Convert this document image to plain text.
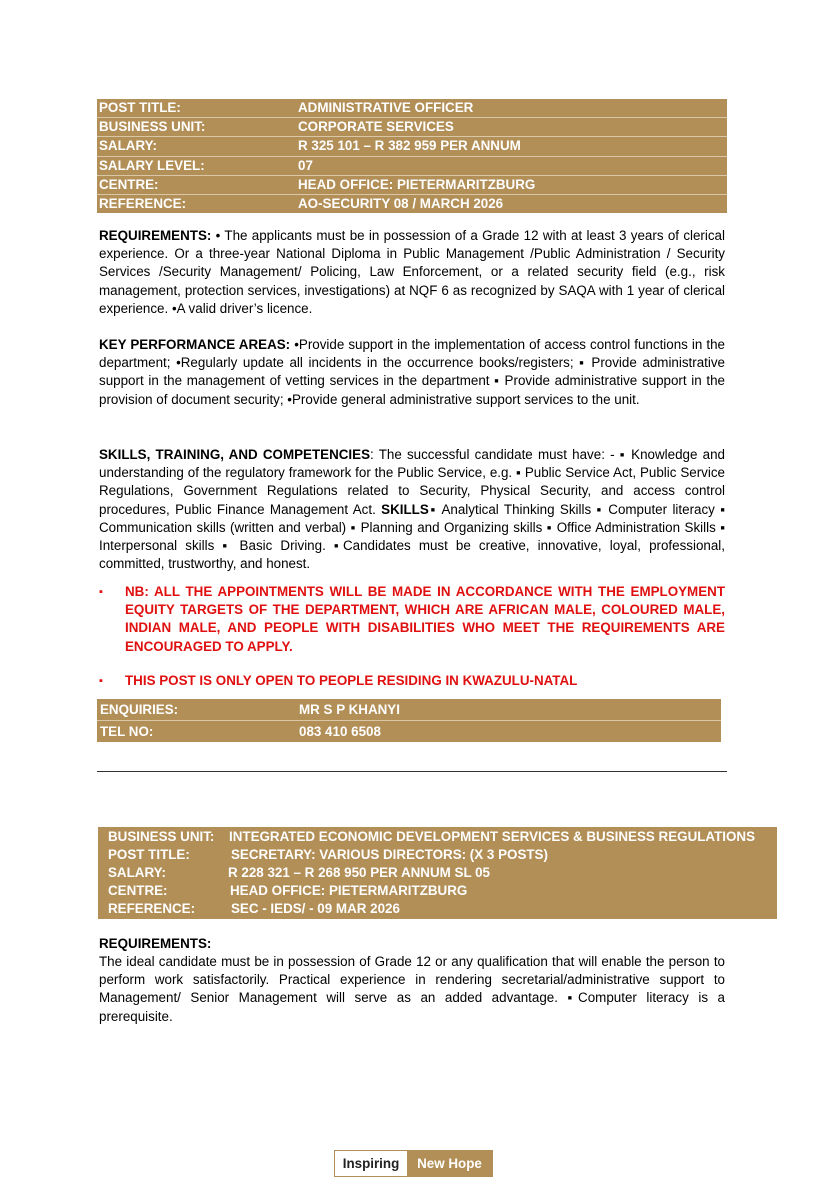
POST TITLE:	ADMINISTRATIVE OFFICER
BUSINESS UNIT:	CORPORATE SERVICES
SALARY:	R 325 101 – R 382 959 PER ANNUM
SALARY LEVEL:	07
CENTRE:	HEAD OFFICE: PIETERMARITZBURG
REFERENCE:	AO-SECURITY 08 / MARCH 2026
REQUIREMENTS: • The applicants must be in possession of a Grade 12 with at least 3 years of clerical experience. Or a three-year National Diploma in Public Management /Public Administration / Security Services /Security Management/ Policing, Law Enforcement, or a related security field (e.g., risk management, protection services, investigations) at NQF 6 as recognized by SAQA with 1 year of clerical experience. •A valid driver’s licence.
KEY PERFORMANCE AREAS: •Provide support in the implementation of access control functions in the department; •Regularly update all incidents in the occurrence books/registers; ▪ Provide administrative support in the management of vetting services in the department ▪ Provide administrative support in the provision of document security; •Provide general administrative support services to the unit.
SKILLS, TRAINING, AND COMPETENCIES: The successful candidate must have: - ▪ Knowledge and understanding of the regulatory framework for the Public Service, e.g. ▪ Public Service Act, Public Service Regulations, Government Regulations related to Security, Physical Security, and access control procedures, Public Finance Management Act. SKILLS▪ Analytical Thinking Skills ▪ Computer literacy ▪ Communication skills (written and verbal) ▪ Planning and Organizing skills ▪ Office Administration Skills ▪ Interpersonal skills ▪ Basic Driving. ▪Candidates must be creative, innovative, loyal, professional, committed, trustworthy, and honest.
▪ NB: ALL THE APPOINTMENTS WILL BE MADE IN ACCORDANCE WITH THE EMPLOYMENT EQUITY TARGETS OF THE DEPARTMENT, WHICH ARE AFRICAN MALE, COLOURED MALE, INDIAN MALE, AND PEOPLE WITH DISABILITIES WHO MEET THE REQUIREMENTS ARE ENCOURAGED TO APPLY.
▪ THIS POST IS ONLY OPEN TO PEOPLE RESIDING IN KWAZULU-NATAL
ENQUIRIES:	MR S P KHANYI
TEL NO:	083 410 6508
BUSINESS UNIT: INTEGRATED ECONOMIC DEVELOPMENT SERVICES & BUSINESS REGULATIONS
POST TITLE:	SECRETARY: VARIOUS DIRECTORS: (X 3 POSTS)
SALARY:	R 228 321 – R 268 950 PER ANNUM SL 05
CENTRE:	HEAD OFFICE: PIETERMARITZBURG
REFERENCE:	SEC - IEDS/ - 09 MAR 2026
REQUIREMENTS:
The ideal candidate must be in possession of Grade 12 or any qualification that will enable the person to perform work satisfactorily. Practical experience in rendering secretarial/administrative support to Management/ Senior Management will serve as an added advantage. ▪Computer literacy is a prerequisite.
Inspiring	New Hope
